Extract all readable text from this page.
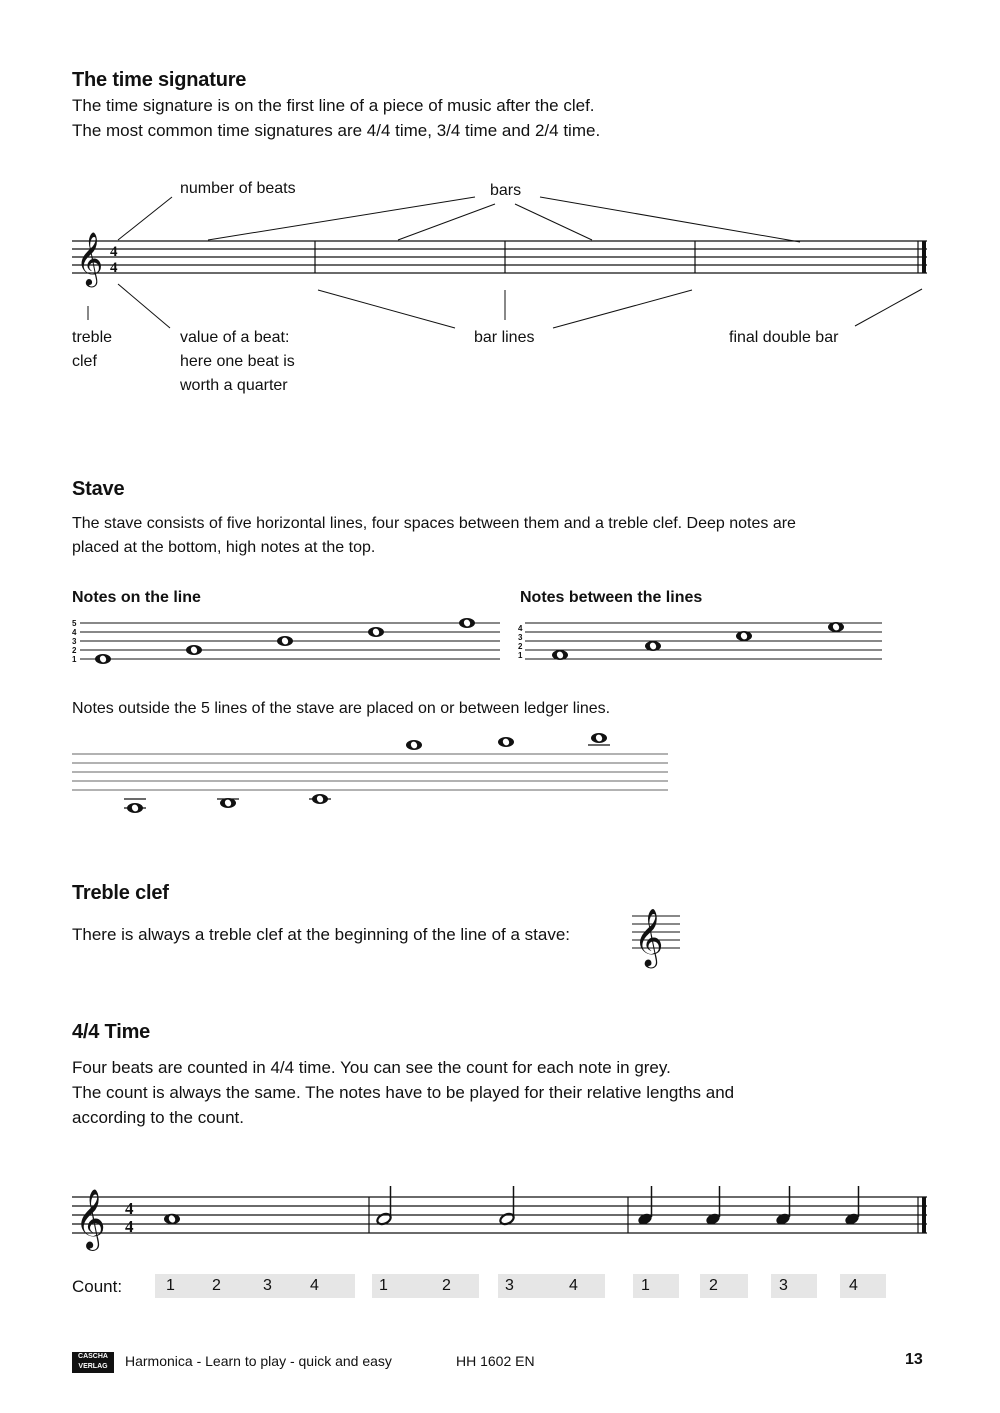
The time signature
The time signature is on the first line of a piece of music after the clef.
The most common time signatures are 4/4 time, 3/4 time and 2/4 time.
number of beats	bars
𝄞 4
4
treble
clef
value of a beat:
here one beat is
worth a quarter
bar lines	final double bar
Stave
The stave consists of five horizontal lines, four spaces between them and a treble clef. Deep notes are
placed at the bottom, high notes at the top.
Notes on the line	Notes between the lines
5
4
3
2
1
4
3
2
1
Notes outside the 5 lines of the stave are placed on or between ledger lines.
Treble clef
There is always a treble clef at the beginning of the line of a stave: 𝄞
4/4 Time
Four beats are counted in 4/4 time. You can see the count for each note in grey.
The count is always the same. The notes have to be played for their relative lengths and
according to the count.
𝄞 4
4
Count:	1 2	3 4	1	2	3	4	1	2	3	4
CASCHA
VERLAG	Harmonica - Learn to play - quick and easy	HH 1602 EN	13
